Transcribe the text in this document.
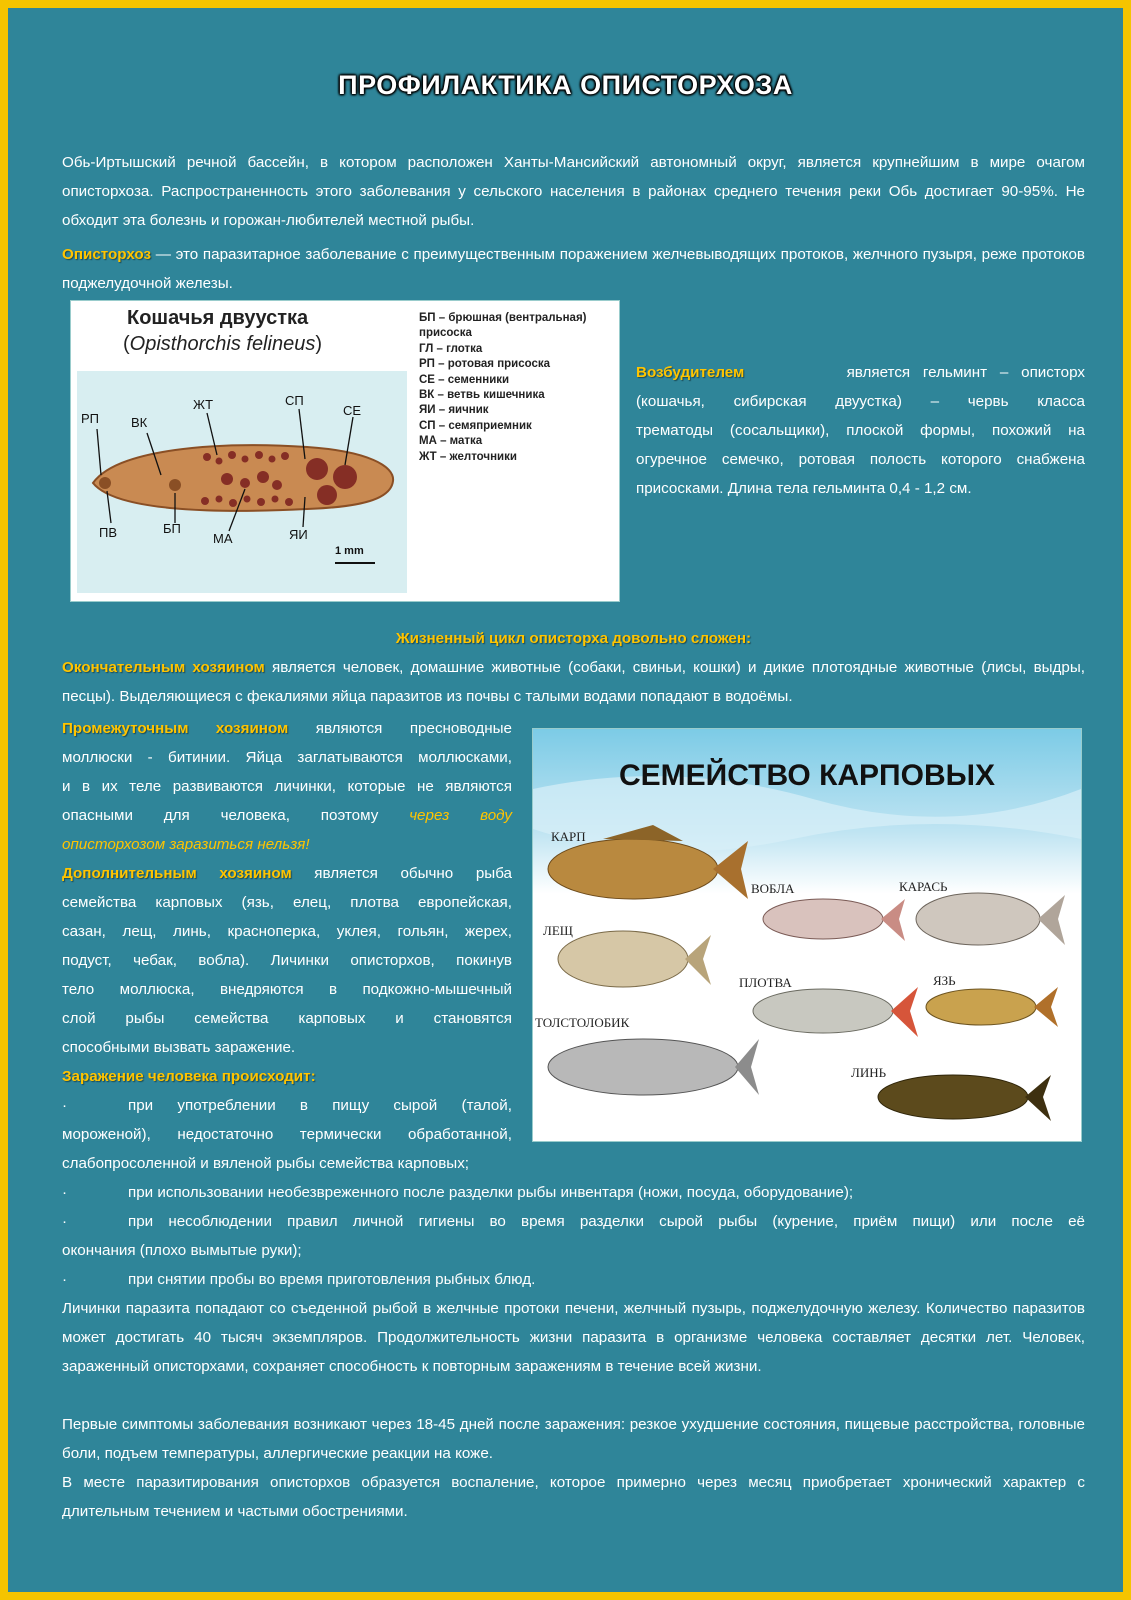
ПРОФИЛАКТИКА ОПИСТОРХОЗА
Обь-Иртышский речной бассейн, в котором расположен Ханты-Мансийский автономный округ, является крупнейшим в мире очагом описторхоза. Распространенность этого заболевания у сельского населения в районах среднего течения реки Обь достигает 90-95%. Не обходит эта болезнь и горожан-любителей местной рыбы.
Описторхоз — это паразитарное заболевание с преимущественным поражением желчевыводящих протоков, желчного пузыря, реже протоков поджелудочной железы.
Кошачья двуустка
(Opisthorchis felineus)
БП – брюшная (вентральная)
присоска
ГЛ – глотка
РП – ротовая присоска
СЕ – семенники
ВК – ветвь кишечника
ЯИ – яичник
СП – семяприемник
МА – матка
ЖТ – желточники
РП ВК
ЖТ	СП
СЕ
ПВ	БП
МА	ЯИ
1 mm
Возбудителем	является гельминт – описторх
(кошачья, сибирская двуустка) – червь класса
трематоды (сосальщики), плоской формы, похожий на
огуречное семечко, ротовая полость которого снабжена
присосками. Длина тела гельминта 0,4 - 1,2 см.
Жизненный цикл описторха довольно сложен:
Окончательным хозяином является человек, домашние животные (собаки, свиньи, кошки) и дикие плотоядные животные (лисы, выдры, песцы). Выделяющиеся с фекалиями яйца паразитов из почвы с талыми водами попадают в водоёмы.
Промежуточным хозяином являются пресноводные
моллюски - битинии. Яйца заглатываются моллюсками,
и в их теле развиваются личинки, которые не являются
опасными для человека, поэтому через воду
описторхозом заразиться нельзя!
Дополнительным хозяином является обычно рыба
семейства карповых (язь, елец, плотва европейская,
сазан, лещ, линь, красноперка, уклея, гольян, жерех,
подуст, чебак, вобла). Личинки описторхов, покинув
тело моллюска, внедряются в подкожно-мышечный
слой рыбы семейства карповых и становятся
способными вызвать заражение.
Заражение человека происходит:
·	при употреблении в пищу сырой (талой,
мороженой), недостаточно термически обработанной,
слабопросоленной и вяленой рыбы семейства карповых;
СЕМЕЙСТВО КАРПОВЫХ
КАРП
ВОБЛА	КАРАСЬ
ЛЕЩ
ПЛОТВА	ЯЗЬ
ТОЛСТОЛОБИК
ЛИНЬ
·	при использовании необезвреженного после разделки рыбы инвентаря (ножи, посуда, оборудование);
·	при несоблюдении правил личной гигиены во время разделки сырой рыбы (курение, приём пищи) или после её
окончания (плохо вымытые руки);
·	при снятии пробы во время приготовления рыбных блюд.
Личинки паразита попадают со съеденной рыбой в желчные протоки печени, желчный пузырь, поджелудочную железу. Количество паразитов может достигать 40 тысяч экземпляров. Продолжительность жизни паразита в организме человека составляет десятки лет. Человек, зараженный описторхами, сохраняет способность к повторным заражениям в течение всей жизни.
Первые симптомы заболевания возникают через 18-45 дней после заражения: резкое ухудшение состояния, пищевые расстройства, головные боли, подъем температуры, аллергические реакции на коже.
В месте паразитирования описторхов образуется воспаление, которое примерно через месяц приобретает хронический характер с длительным течением и частыми обострениями.
